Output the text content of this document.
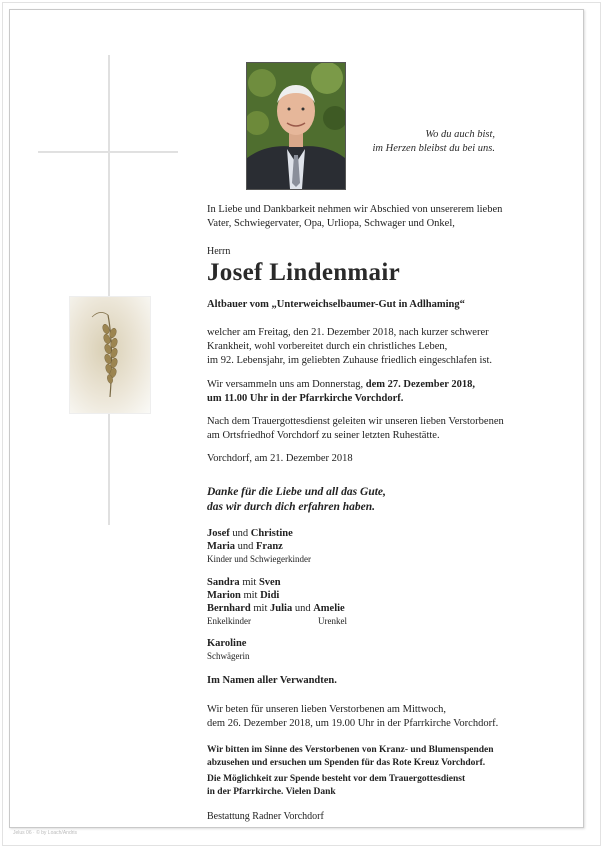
Wo du auch bist,
im Herzen bleibst du bei uns.
In Liebe und Dankbarkeit nehmen wir Abschied von unsererem lieben
Vater, Schwiegervater, Opa, Urliopa, Schwager und Onkel,
Herrn
Josef Lindenmair
Altbauer vom „Unterweichselbaumer-Gut in Adlhaming“
welcher am Freitag, den 21. Dezember 2018, nach kurzer schwerer
Krankheit, wohl vorbereitet durch ein christliches Leben,
im 92. Lebensjahr, im geliebten Zuhause friedlich eingeschlafen ist.
Wir versammeln uns am Donnerstag, dem 27. Dezember 2018,
um 11.00 Uhr in der Pfarrkirche Vorchdorf.
Nach dem Trauergottesdienst geleiten wir unseren lieben Verstorbenen
am Ortsfriedhof Vorchdorf zu seiner letzten Ruhestätte.
Vorchdorf, am 21. Dezember 2018
Danke für die Liebe und all das Gute,
das wir durch dich erfahren haben.
Josef und Christine
Maria und Franz
Kinder und Schwiegerkinder
Sandra mit Sven
Marion mit Didi
Bernhard mit Julia und Amelie
Enkelkinder	Urenkel
Karoline
Schwägerin
Im Namen aller Verwandten.
Wir beten für unseren lieben Verstorbenen am Mittwoch,
dem 26. Dezember 2018, um 19.00 Uhr in der Pfarrkirche Vorchdorf.
Wir bitten im Sinne des Verstorbenen von Kranz- und Blumenspenden
abzusehen und ersuchen um Spenden für das Rote Kreuz Vorchdorf.
Die Möglichkeit zur Spende besteht vor dem Trauergottesdienst
in der Pfarrkirche. Vielen Dank
Bestattung Radner Vorchdorf
Jelus 06 · © by Loach/Andris
